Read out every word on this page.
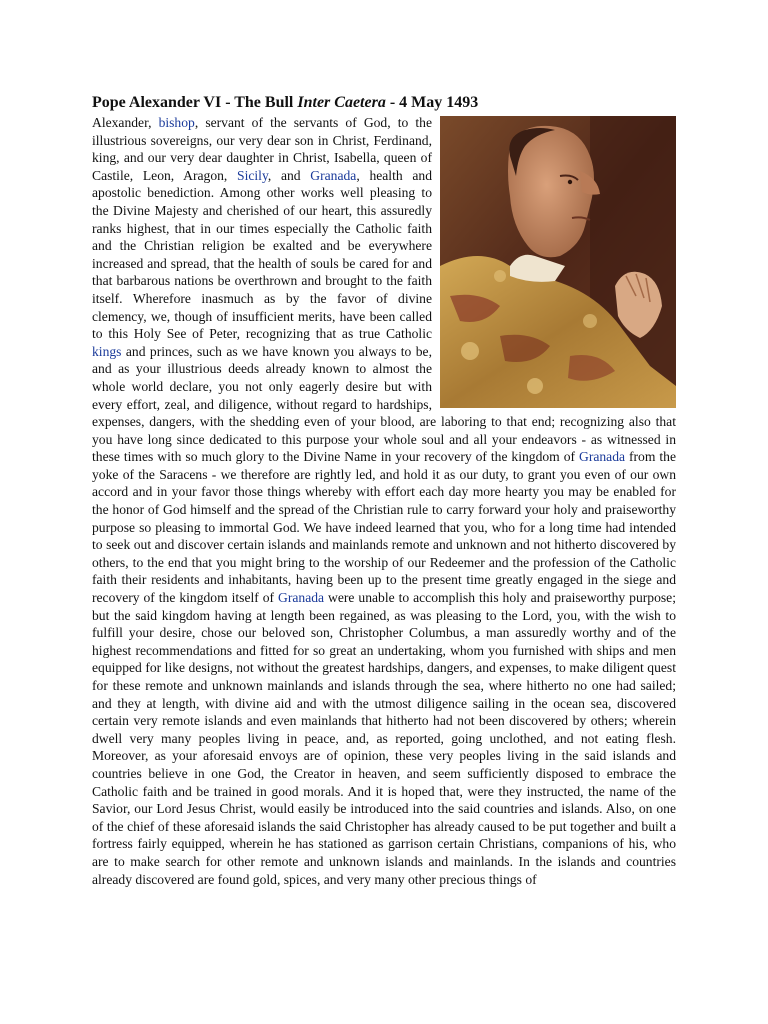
Pope Alexander VI - The Bull Inter Caetera - 4 May 1493
Alexander, bishop, servant of the servants of God, to the illustrious sovereigns, our very dear son in Christ, Ferdinand, king, and our very dear daughter in Christ, Isabella, queen of Castile, Leon, Aragon, Sicily, and Granada, health and apostolic benediction. Among other works well pleasing to the Divine Majesty and cherished of our heart, this assuredly ranks highest, that in our times especially the Catholic faith and the Christian religion be exalted and be everywhere increased and spread, that the health of souls be cared for and that barbarous nations be overthrown and brought to the faith itself. Wherefore inasmuch as by the favor of divine clemency, we, though of insufficient merits, have been called to this Holy See of Peter, recognizing that as true Catholic kings and princes, such as we have known you always to be, and as your illustrious deeds already known to almost the whole world declare, you not only eagerly desire but with every effort, zeal, and diligence, without regard to hardships, expenses, dangers, with the shedding even of your blood, are laboring to that end; recognizing also that you have long since dedicated to this purpose your whole soul and all your endeavors - as witnessed in these times with so much glory to the Divine Name in your recovery of the kingdom of Granada from the yoke of the Saracens - we therefore are rightly led, and hold it as our duty, to grant you even of our own accord and in your favor those things whereby with effort each day more hearty you may be enabled for the honor of God himself and the spread of the Christian rule to carry forward your holy and praiseworthy purpose so pleasing to immortal God. We have indeed learned that you, who for a long time had intended to seek out and discover certain islands and mainlands remote and unknown and not hitherto discovered by others, to the end that you might bring to the worship of our Redeemer and the profession of the Catholic faith their residents and inhabitants, having been up to the present time greatly engaged in the siege and recovery of the kingdom itself of Granada were unable to accomplish this holy and praiseworthy purpose; but the said kingdom having at length been regained, as was pleasing to the Lord, you, with the wish to fulfill your desire, chose our beloved son, Christopher Columbus, a man assuredly worthy and of the highest recommendations and fitted for so great an undertaking, whom you furnished with ships and men equipped for like designs, not without the greatest hardships, dangers, and expenses, to make diligent quest for these remote and unknown mainlands and islands through the sea, where hitherto no one had sailed; and they at length, with divine aid and with the utmost diligence sailing in the ocean sea, discovered certain very remote islands and even mainlands that hitherto had not been discovered by others; wherein dwell very many peoples living in peace, and, as reported, going unclothed, and not eating flesh. Moreover, as your aforesaid envoys are of opinion, these very peoples living in the said islands and countries believe in one God, the Creator in heaven, and seem sufficiently disposed to embrace the Catholic faith and be trained in good morals. And it is hoped that, were they instructed, the name of the Savior, our Lord Jesus Christ, would easily be introduced into the said countries and islands. Also, on one of the chief of these aforesaid islands the said Christopher has already caused to be put together and built a fortress fairly equipped, wherein he has stationed as garrison certain Christians, companions of his, who are to make search for other remote and unknown islands and mainlands. In the islands and countries already discovered are found gold, spices, and very many other precious things of
